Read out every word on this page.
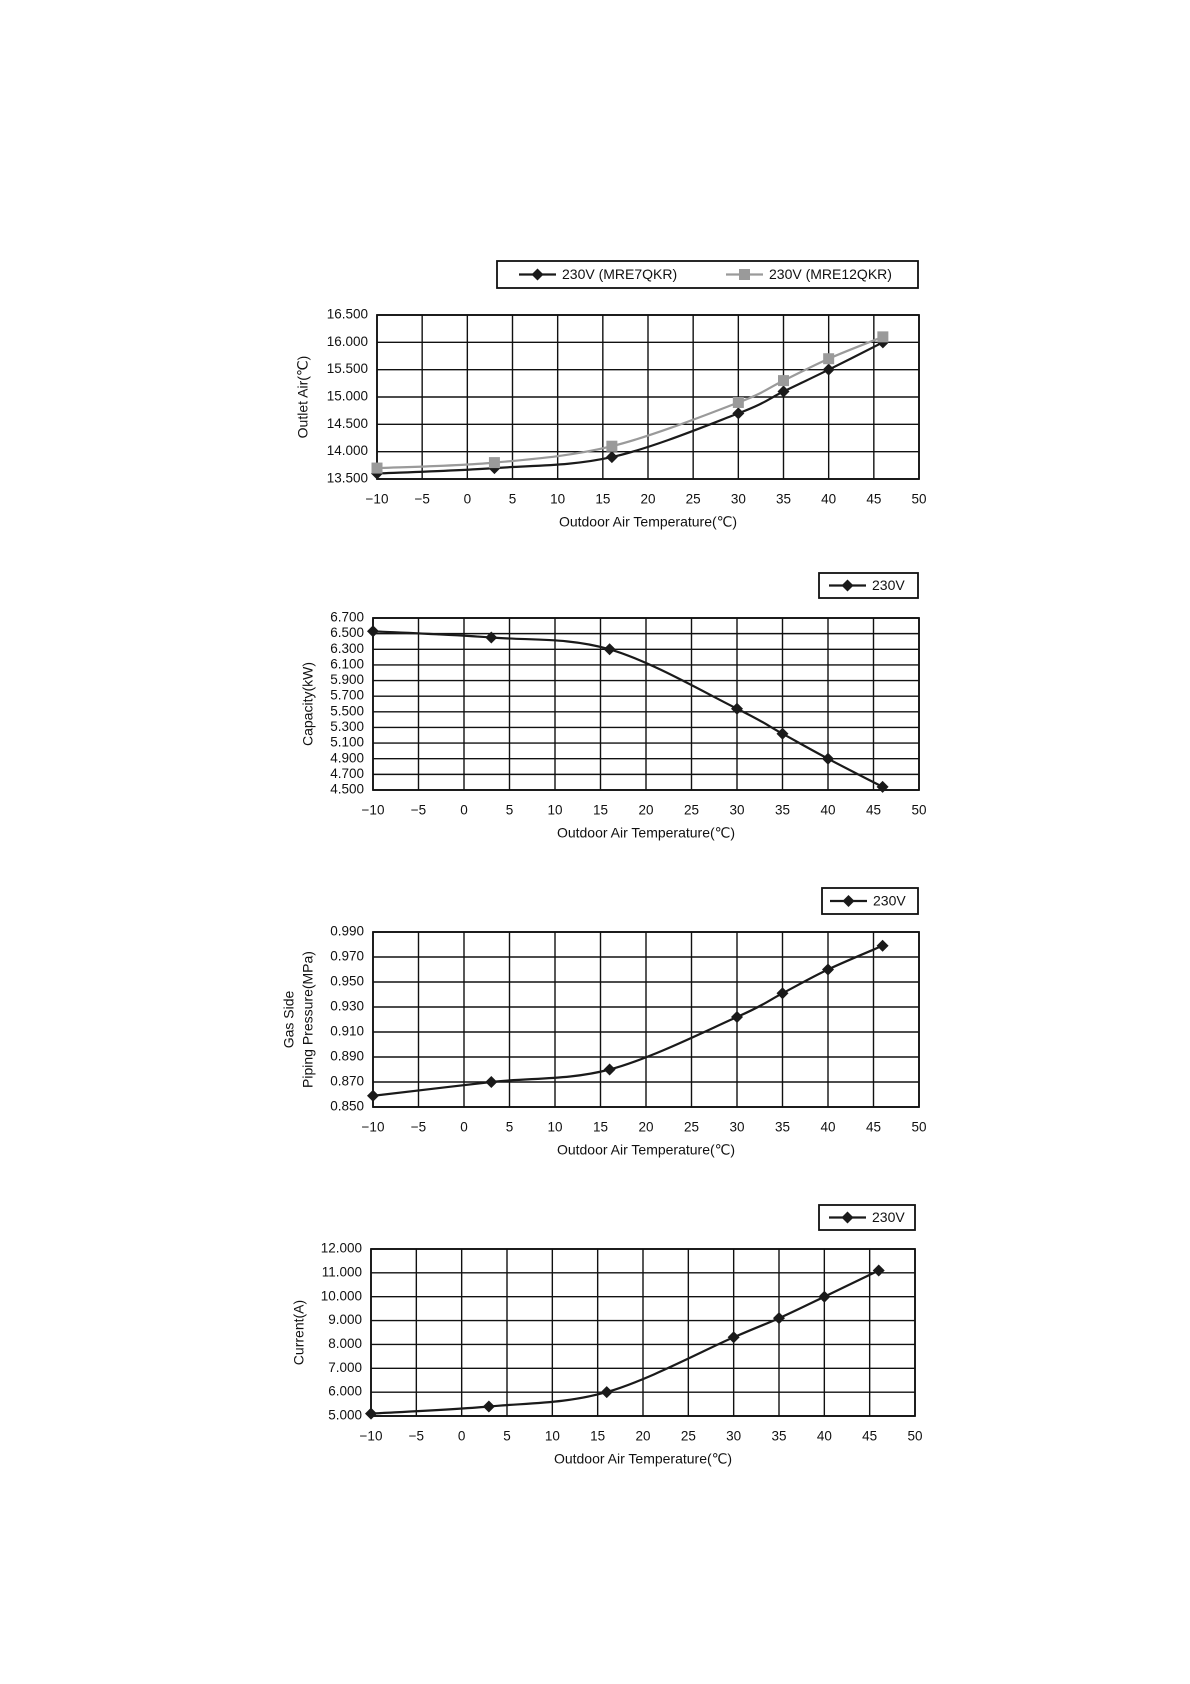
13.500
14.000
14.500
15.000
15.500
16.000
16.500
−10 −5 0	5	10 15 20 25 30 35 40 45 50
Outdoor Air Temperature(℃)
Outlet Air(℃)
230V (MRE7QKR)	230V (MRE12QKR)
4.500
4.700
4.900
5.100
5.300
5.500
5.700
5.900
6.100
6.300
6.500
6.700
−10 −5	0	5	10 15 20 25 30 35 40 45 50
Outdoor Air Temperature(℃)
Capacity(kW)
230V
0.850
0.870
0.890
0.910
0.930
0.950
0.970
0.990
−10 −5	0	5	10 15 20 25 30 35 40 45 50
Outdoor Air Temperature(℃)
Gas Side Piping Pressure(MPa)
230V
5.000
6.000
7.000
8.000
9.000
10.000
11.000
12.000
−10 −5	0	5	10 15 20 25 30 35 40 45 50
Outdoor Air Temperature(℃)
Current(A)
230V
